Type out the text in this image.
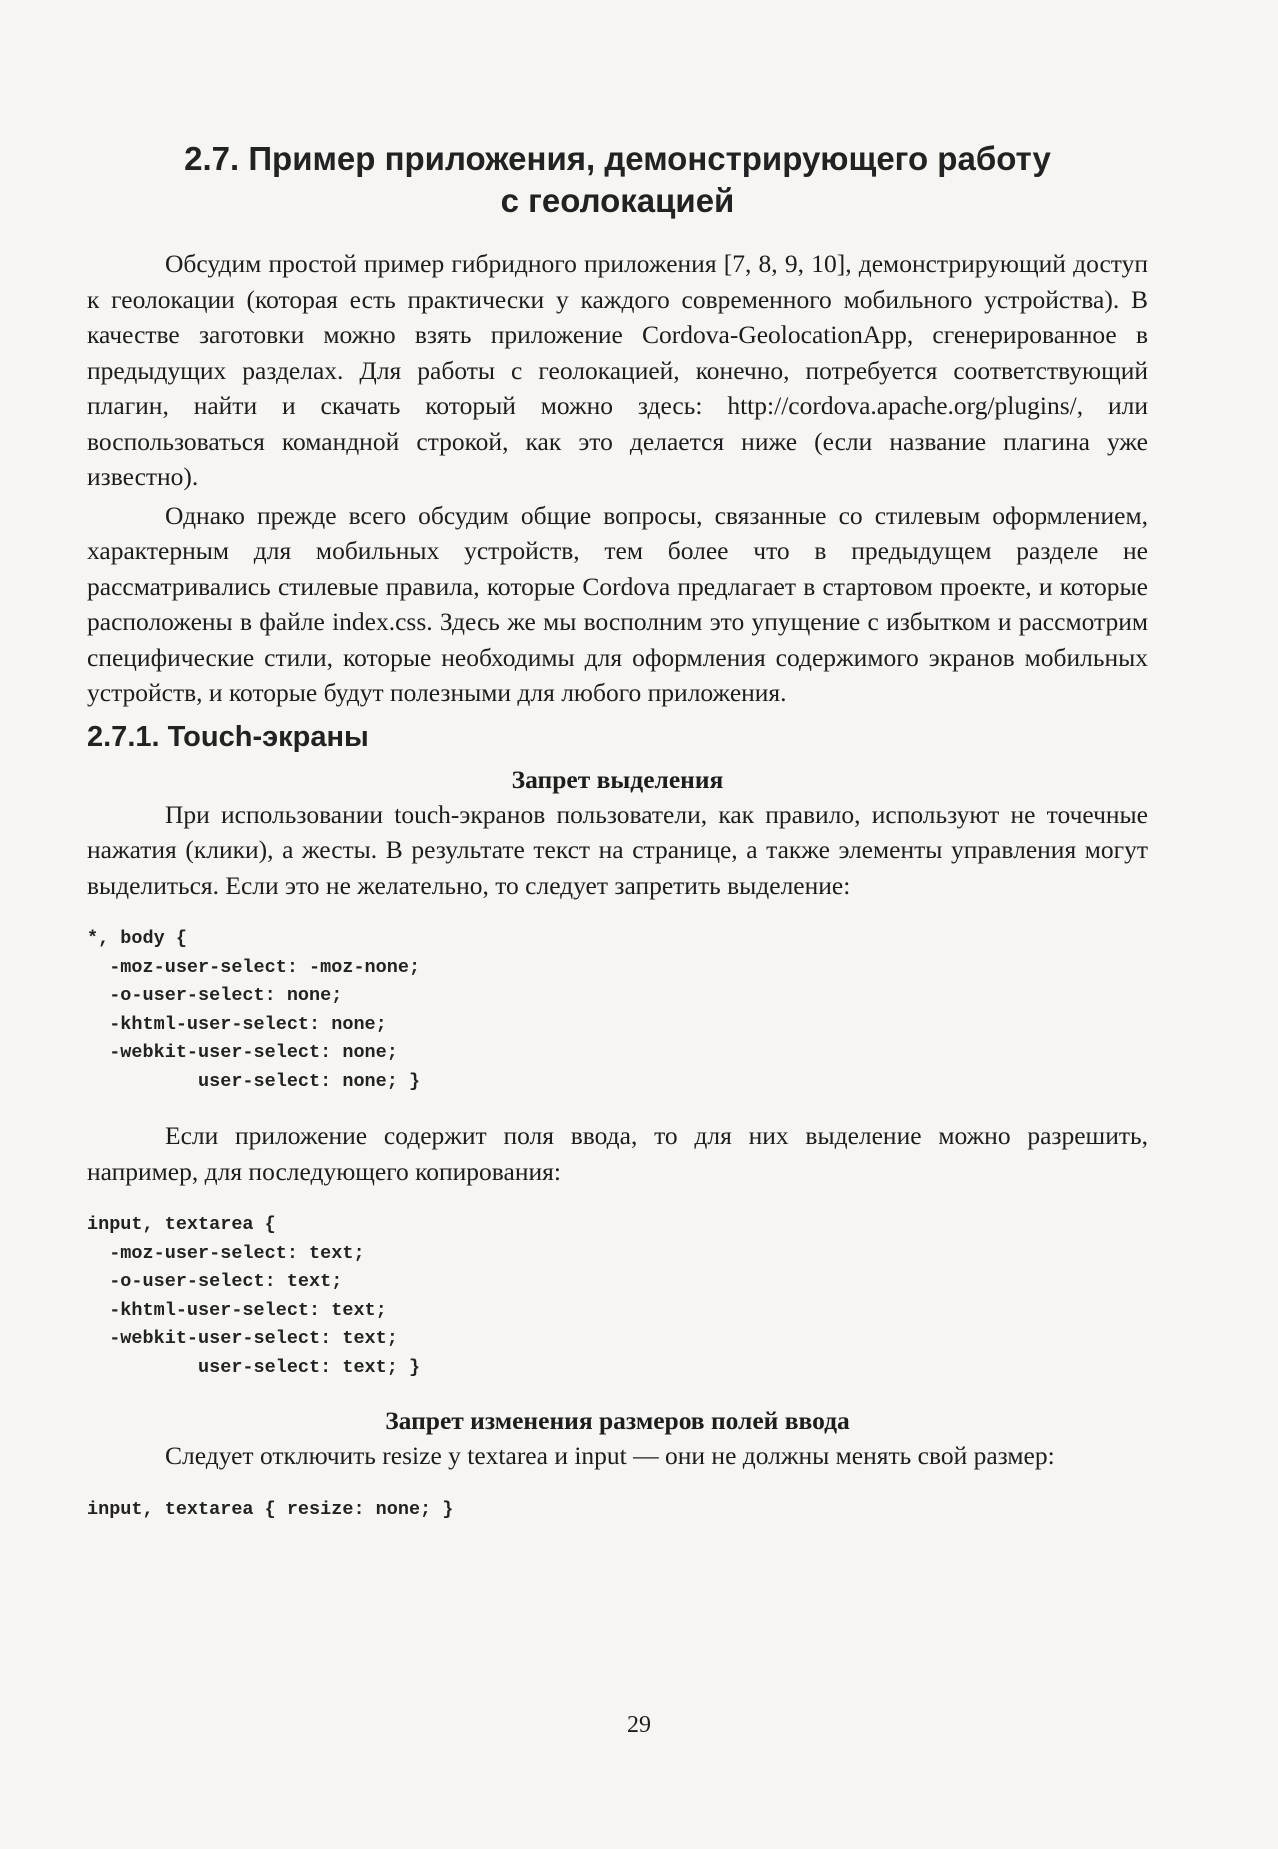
2.7. Пример приложения, демонстрирующего работу
с геолокацией

Обсудим простой пример гибридного приложения [7, 8, 9, 10], демонстрирующий доступ к геолокации (которая есть практически у каждого современного мобильного устройства). В качестве заготовки можно взять приложение Cordova-GeolocationApp, сгенерированное в предыдущих разделах. Для работы с геолокацией, конечно, потребуется соответствующий плагин, найти и скачать который можно здесь: http://cordova.apache.org/plugins/, или воспользоваться командной строкой, как это делается ниже (если название плагина уже известно).

Однако прежде всего обсудим общие вопросы, связанные со стилевым оформлением, характерным для мобильных устройств, тем более что в предыдущем разделе не рассматривались стилевые правила, которые Cordova предлагает в стартовом проекте, и которые расположены в файле index.css. Здесь же мы восполним это упущение с избытком и рассмотрим специфические стили, которые необходимы для оформления содержимого экранов мобильных устройств, и которые будут полезными для любого приложения.

2.7.1. Touch-экраны
Запрет выделения

При использовании touch-экранов пользователи, как правило, используют не точечные нажатия (клики), а жесты. В результате текст на странице, а также элементы управления могут выделиться. Если это не желательно, то следует запретить выделение:

*, body {
-moz-user-select: -moz-none;
-o-user-select: none;
-khtml-user-select: none;
-webkit-user-select: none;
user-select: none; }

Если приложение содержит поля ввода, то для них выделение можно разрешить, например, для последующего копирования:

input, textarea {
-moz-user-select: text;
-o-user-select: text;
-khtml-user-select: text;
-webkit-user-select: text;
user-select: text; }
Запрет изменения размеров полей ввода

Следует отключить resize у textarea и input — они не должны менять свой размер:

input, textarea { resize: none; }
29
